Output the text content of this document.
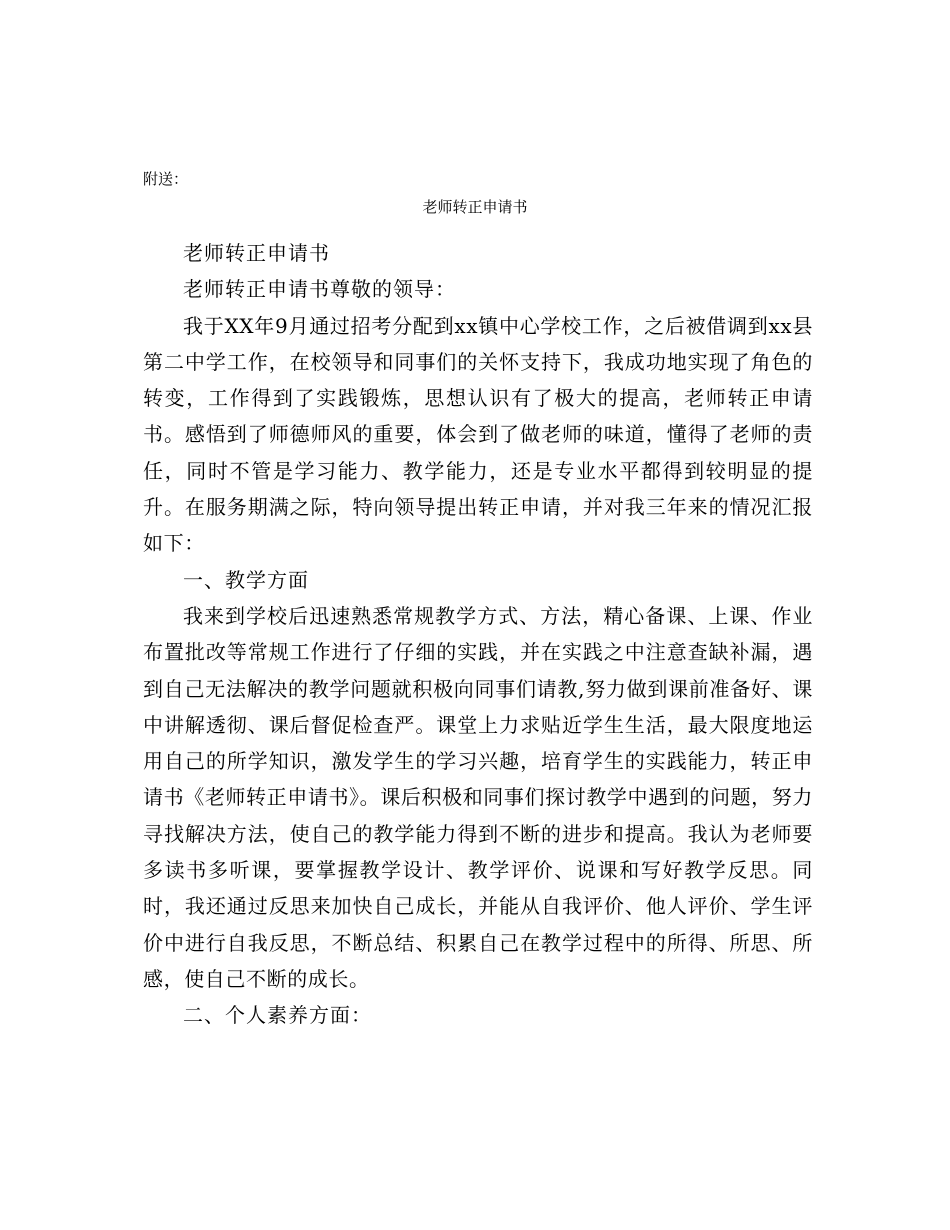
附送：
老师转正申请书

老师转正申请书

老师转正申请书尊敬的领导：

我于XX年9月通过招考分配到xx镇中心学校工作，之后被借调到xx县第二中学工作，在校领导和同事们的关怀支持下，我成功地实现了角色的转变，工作得到了实践锻炼，思想认识有了极大的提高，老师转正申请书。感悟到了师德师风的重要，体会到了做老师的味道，懂得了老师的责任，同时不管是学习能力、教学能力，还是专业水平都得到较明显的提升。在服务期满之际，特向领导提出转正申请，并对我三年来的情况汇报如下：

一、教学方面

我来到学校后迅速熟悉常规教学方式、方法，精心备课、上课、作业布置批改等常规工作进行了仔细的实践，并在实践之中注意查缺补漏，遇到自己无法解决的教学问题就积极向同事们请教,努力做到课前准备好、课中讲解透彻、课后督促检查严。课堂上力求贴近学生生活，最大限度地运用自己的所学知识，激发学生的学习兴趣，培育学生的实践能力，转正申请书《老师转正申请书》。课后积极和同事们探讨教学中遇到的问题，努力寻找解决方法，使自己的教学能力得到不断的进步和提高。我认为老师要多读书多听课，要掌握教学设计、教学评价、说课和写好教学反思。同时，我还通过反思来加快自己成长，并能从自我评价、他人评价、学生评价中进行自我反思，不断总结、积累自己在教学过程中的所得、所思、所感，使自己不断的成长。

二、个人素养方面：
